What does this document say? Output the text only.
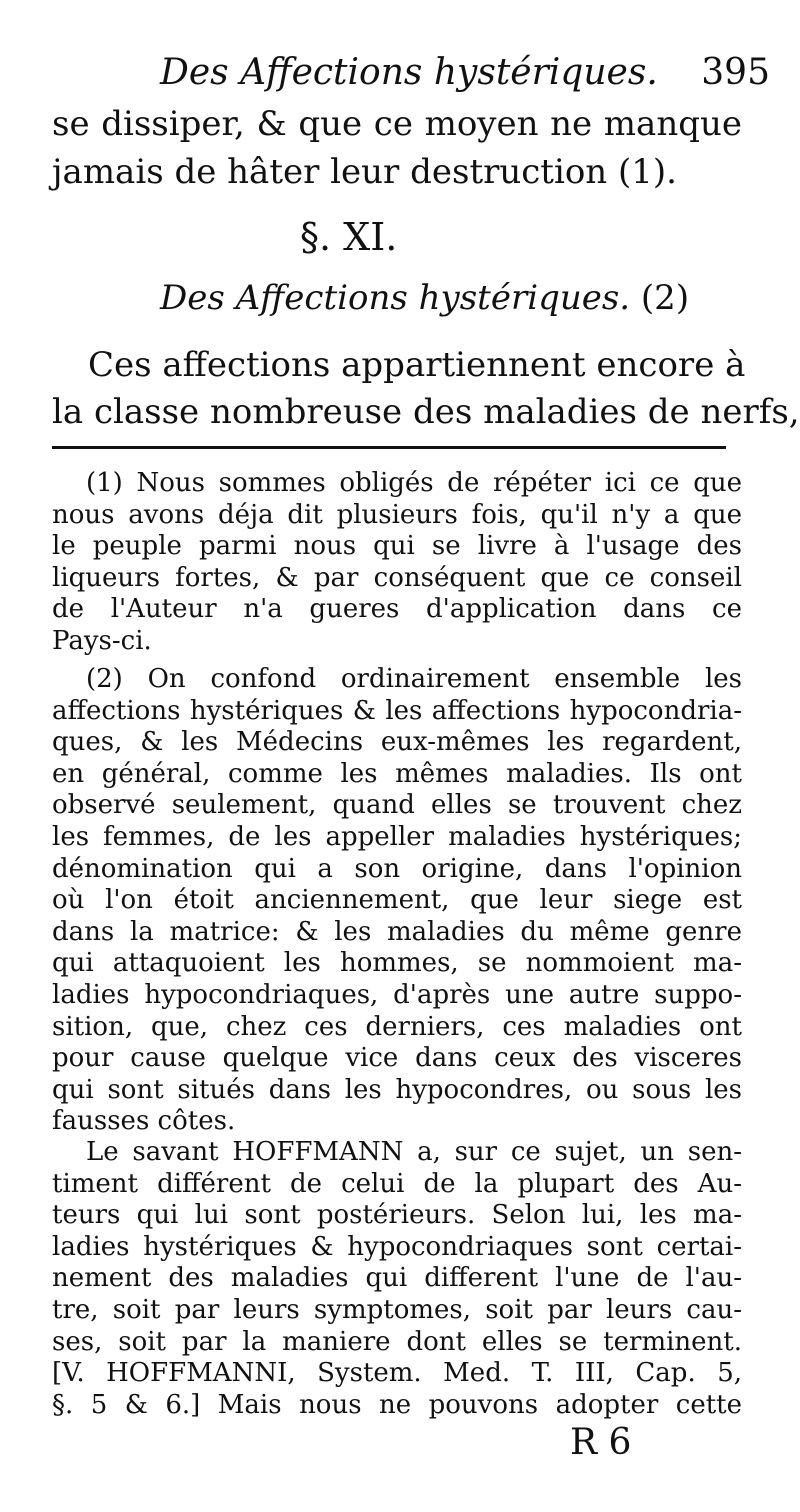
Des Affections hystériques. 395
se dissiper, & que ce moyen ne manque
jamais de hâter leur destruction (1).
§. XI.
Des Affections hystériques. (2)
Ces affections appartiennent encore à
la classe nombreuse des maladies de nerfs,
(1) Nous sommes obligés de répéter ici ce que
nous avons déja dit plusieurs fois, qu'il n'y a que
le peuple parmi nous qui se livre à l'usage des
liqueurs fortes, & par conséquent que ce conseil
de l'Auteur n'a gueres d'application dans ce
Pays-ci.
(2) On confond ordinairement ensemble les
affections hystériques & les affections hypocondria-
ques, & les Médecins eux-mêmes les regardent,
en général, comme les mêmes maladies. Ils ont
observé seulement, quand elles se trouvent chez
les femmes, de les appeller maladies hystériques;
dénomination qui a son origine, dans l'opinion
où l'on étoit anciennement, que leur siege est
dans la matrice: & les maladies du même genre
qui attaquoient les hommes, se nommoient ma-
ladies hypocondriaques, d'après une autre suppo-
sition, que, chez ces derniers, ces maladies ont
pour cause quelque vice dans ceux des visceres
qui sont situés dans les hypocondres, ou sous les
fausses côtes.
Le savant HOFFMANN a, sur ce sujet, un sen-
timent différent de celui de la plupart des Au-
teurs qui lui sont postérieurs. Selon lui, les ma-
ladies hystériques & hypocondriaques sont certai-
nement des maladies qui different l'une de l'au-
tre, soit par leurs symptomes, soit par leurs cau-
ses, soit par la maniere dont elles se terminent.
[V. HOFFMANNI, System. Med. T. III, Cap. 5,
§. 5 & 6.] Mais nous ne pouvons adopter cette
R 6
